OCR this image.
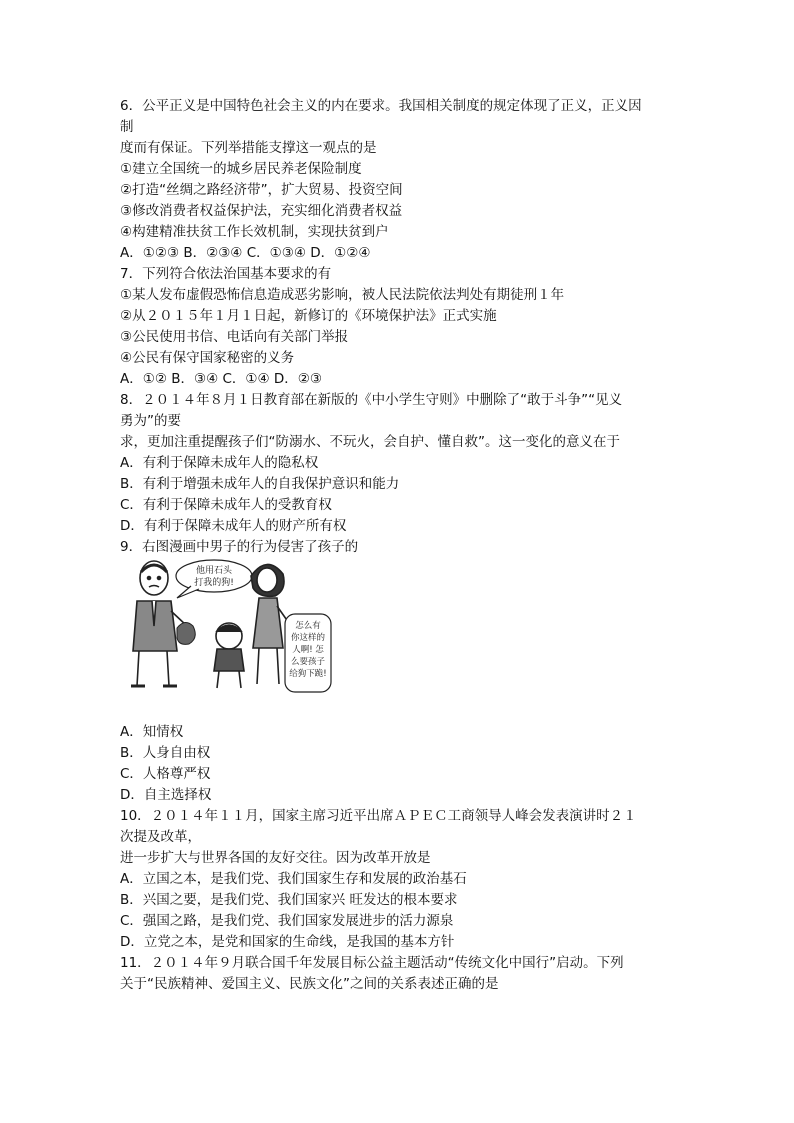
6．公平正义是中国特色社会主义的内在要求。我国相关制度的规定体现了正义，正义因
制
度而有保证。下列举措能支撑这一观点的是
①建立全国统一的城乡居民养老保险制度
②打造“丝绸之路经济带”，扩大贸易、投资空间
③修改消费者权益保护法，充实细化消费者权益
④构建精准扶贫工作长效机制，实现扶贫到户
A．①②③ B．②③④ C．①③④ D．①②④
7．下列符合依法治国基本要求的有
①某人发布虚假恐怖信息造成恶劣影响，被人民法院依法判处有期徒刑１年
②从２０１５年１月１日起，新修订的《环境保护法》正式实施
③公民使用书信、电话向有关部门举报
④公民有保守国家秘密的义务
A．①② B．③④ C．①④ D．②③
8．２０１４年８月１日教育部在新版的《中小学生守则》中删除了“敢于斗争”“见义
勇为”的要
求，更加注重提醒孩子们“防溺水、不玩火，会自护、懂自救”。这一变化的意义在于
A．有利于保障未成年人的隐私权
B．有利于增强未成年人的自我保护意识和能力
C．有利于保障未成年人的受教育权
D．有利于保障未成年人的财产所有权
9．右图漫画中男子的行为侵害了孩子的
他用石头
打我的狗!
怎么有
你这样的
人啊! 怎
么要孩子
给狗下跪!
A．知情权
B．人身自由权
C．人格尊严权
D．自主选择权
10．２０１４年１１月，国家主席习近平出席ＡＰＥＣ工商领导人峰会发表演讲时２１
次提及改革，
进一步扩大与世界各国的友好交往。因为改革开放是
A．立国之本，是我们党、我们国家生存和发展的政治基石
B．兴国之要，是我们党、我们国家兴 旺发达的根本要求
C．强国之路，是我们党、我们国家发展进步的活力源泉
D．立党之本，是党和国家的生命线，是我国的基本方针
11．２０１４年９月联合国千年发展目标公益主题活动“传统文化中国行”启动。下列
关于“民族精神、爱国主义、民族文化”之间的关系表述正确的是
